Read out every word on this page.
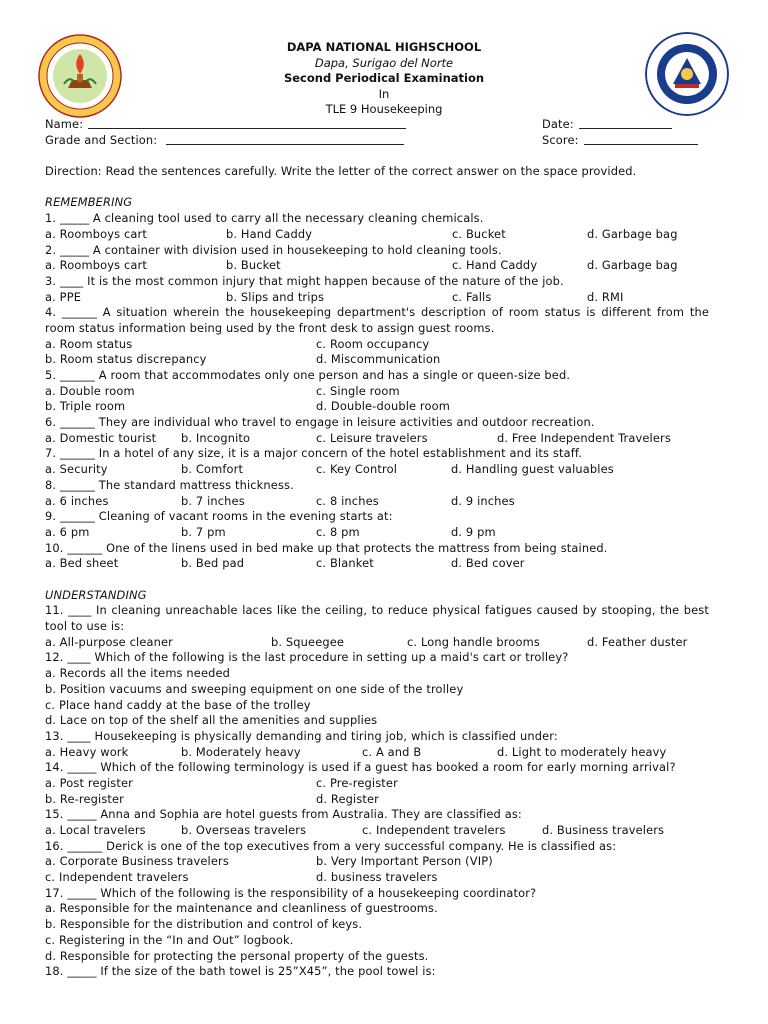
DAPA NATIONAL HIGHSCHOOL
Dapa, Surigao del Norte
Second Periodical Examination
In
TLE 9 Housekeeping
Name:	Date:
Grade and Section:	Score:
Direction: Read the sentences carefully. Write the letter of the correct answer on the space provided.
REMEMBERING
1. _____ A cleaning tool used to carry all the necessary cleaning chemicals.
a. Roomboys cart	b. Hand Caddy	c. Bucket	d. Garbage bag
2. _____ A container with division used in housekeeping to hold cleaning tools.
a. Roomboys cart	b. Bucket	c. Hand Caddy	d. Garbage bag
3. ____ It is the most common injury that might happen because of the nature of the job.
a. PPE	b. Slips and trips	c. Falls	d. RMI
4. ______ A situation wherein the housekeeping department's description of room status is different from the room status information being used by the front desk to assign guest rooms.
a. Room status	c. Room occupancy
b. Room status discrepancy	d. Miscommunication
5. ______ A room that accommodates only one person and has a single or queen-size bed.
a. Double room	c. Single room
b. Triple room	d. Double-double room
6. ______ They are individual who travel to engage in leisure activities and outdoor recreation.
a. Domestic tourist b. Incognito	c. Leisure travelers	d. Free Independent Travelers
7. ______ In a hotel of any size, it is a major concern of the hotel establishment and its staff.
a. Security	b. Comfort	c. Key Control	d. Handling guest valuables
8. ______ The standard mattress thickness.
a. 6 inches	b. 7 inches	c. 8 inches	d. 9 inches
9. ______ Cleaning of vacant rooms in the evening starts at:
a. 6 pm	b. 7 pm	c. 8 pm	d. 9 pm
10. ______ One of the linens used in bed make up that protects the mattress from being stained.
a. Bed sheet	b. Bed pad	c. Blanket	d. Bed cover
UNDERSTANDING
11. ____ In cleaning unreachable laces like the ceiling, to reduce physical fatigues caused by stooping, the best tool to use is:
a. All-purpose cleaner	b. Squeegee	c. Long handle brooms	d. Feather duster
12. ____ Which of the following is the last procedure in setting up a maid's cart or trolley?
a. Records all the items needed
b. Position vacuums and sweeping equipment on one side of the trolley
c. Place hand caddy at the base of the trolley
d. Lace on top of the shelf all the amenities and supplies
13. ____ Housekeeping is physically demanding and tiring job, which is classified under:
a. Heavy work	b. Moderately heavy	c. A and B	d. Light to moderately heavy
14. _____ Which of the following terminology is used if a guest has booked a room for early morning arrival?
a. Post register	c. Pre-register
b. Re-register	d. Register
15. _____ Anna and Sophia are hotel guests from Australia. They are classified as:
a. Local travelers	b. Overseas travelers	c. Independent travelers	d. Business travelers
16. ______ Derick is one of the top executives from a very successful company. He is classified as:
a. Corporate Business travelers	b. Very Important Person (VIP)
c. Independent travelers	d. business travelers
17. _____ Which of the following is the responsibility of a housekeeping coordinator?
a. Responsible for the maintenance and cleanliness of guestrooms.
b. Responsible for the distribution and control of keys.
c. Registering in the “In and Out” logbook.
d. Responsible for protecting the personal property of the guests.
18. _____ If the size of the bath towel is 25”X45”, the pool towel is:
